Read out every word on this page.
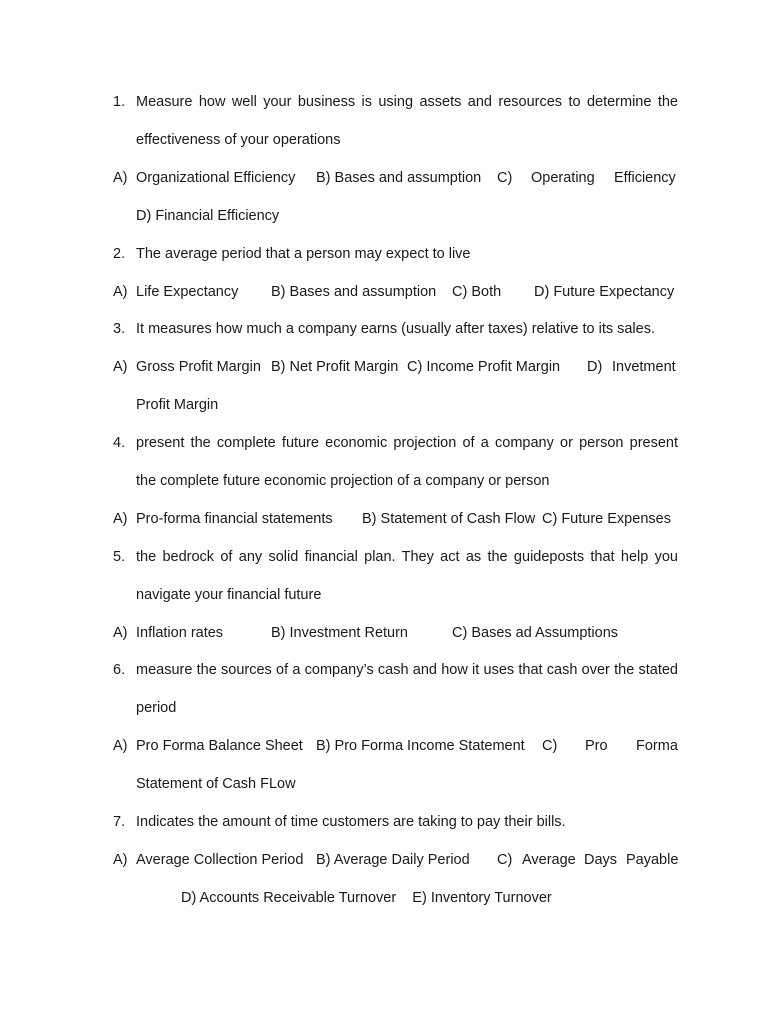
1. Measure how well your business is using assets and resources to determine the
effectiveness of your operations
A) Organizational Efficiency B) Bases and assumption C) Operating Efficiency
D) Financial Efficiency
2. The average period that a person may expect to live
A) Life Expectancy B) Bases and assumption C) Both D) Future Expectancy
3. It measures how much a company earns (usually after taxes) relative to its sales.
A) Gross Profit Margin B) Net Profit Margin C) Income Profit Margin D) Invetment
Profit Margin
4. present the complete future economic projection of a company or person present
the complete future economic projection of a company or person
A) Pro-forma financial statements B) Statement of Cash Flow C) Future Expenses
5. the bedrock of any solid financial plan. They act as the guideposts that help you
navigate your financial future
A) Inflation rates	B) Investment Return	C) Bases ad Assumptions
6. measure the sources of a company’s cash and how it uses that cash over the stated
period
A) Pro Forma Balance Sheet B) Pro Forma Income Statement C) Pro Forma
Statement of Cash FLow
7. Indicates the amount of time customers are taking to pay their bills.
A) Average Collection Period B) Average Daily Period C) Average Days Payable
D) Accounts Receivable Turnover    E) Inventory Turnover
